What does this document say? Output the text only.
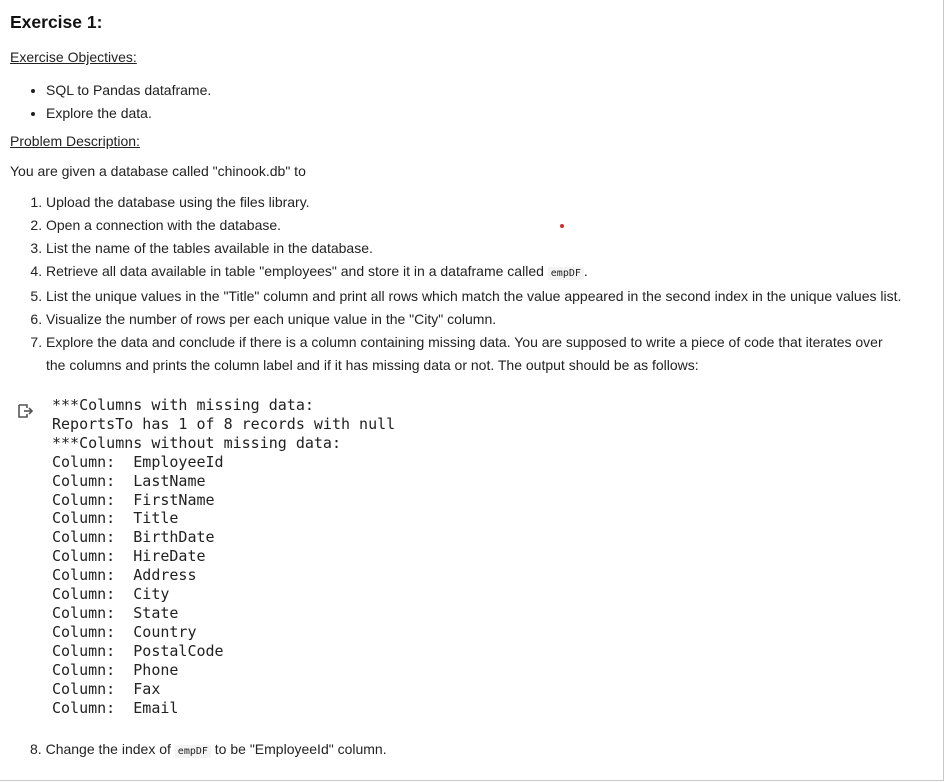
Exercise 1:
Exercise Objectives:
• SQL to Pandas dataframe.
• Explore the data.
Problem Description:
You are given a database called "chinook.db" to
1. Upload the database using the files library.
2. Open a connection with the database.
3. List the name of the tables available in the database.
4. Retrieve all data available in table "employees" and store it in a dataframe called empDF .
5. List the unique values in the "Title" column and print all rows which match the value appeared in the second index in the unique values list.
6. Visualize the number of rows per each unique value in the "City" column.
7. Explore the data and conclude if there is a column containing missing data. You are supposed to write a piece of code that iterates over
the columns and prints the column label and if it has missing data or not. The output should be as follows:
***Columns with missing data:
ReportsTo has 1 of 8 records with null
***Columns without missing data:
Column:  EmployeeId
Column:  LastName
Column:  FirstName
Column:  Title
Column:  BirthDate
Column:  HireDate
Column:  Address
Column:  City
Column:  State
Column:  Country
Column:  PostalCode
Column:  Phone
Column:  Fax
Column:  Email
8. Change the index of empDF to be "EmployeeId" column.
